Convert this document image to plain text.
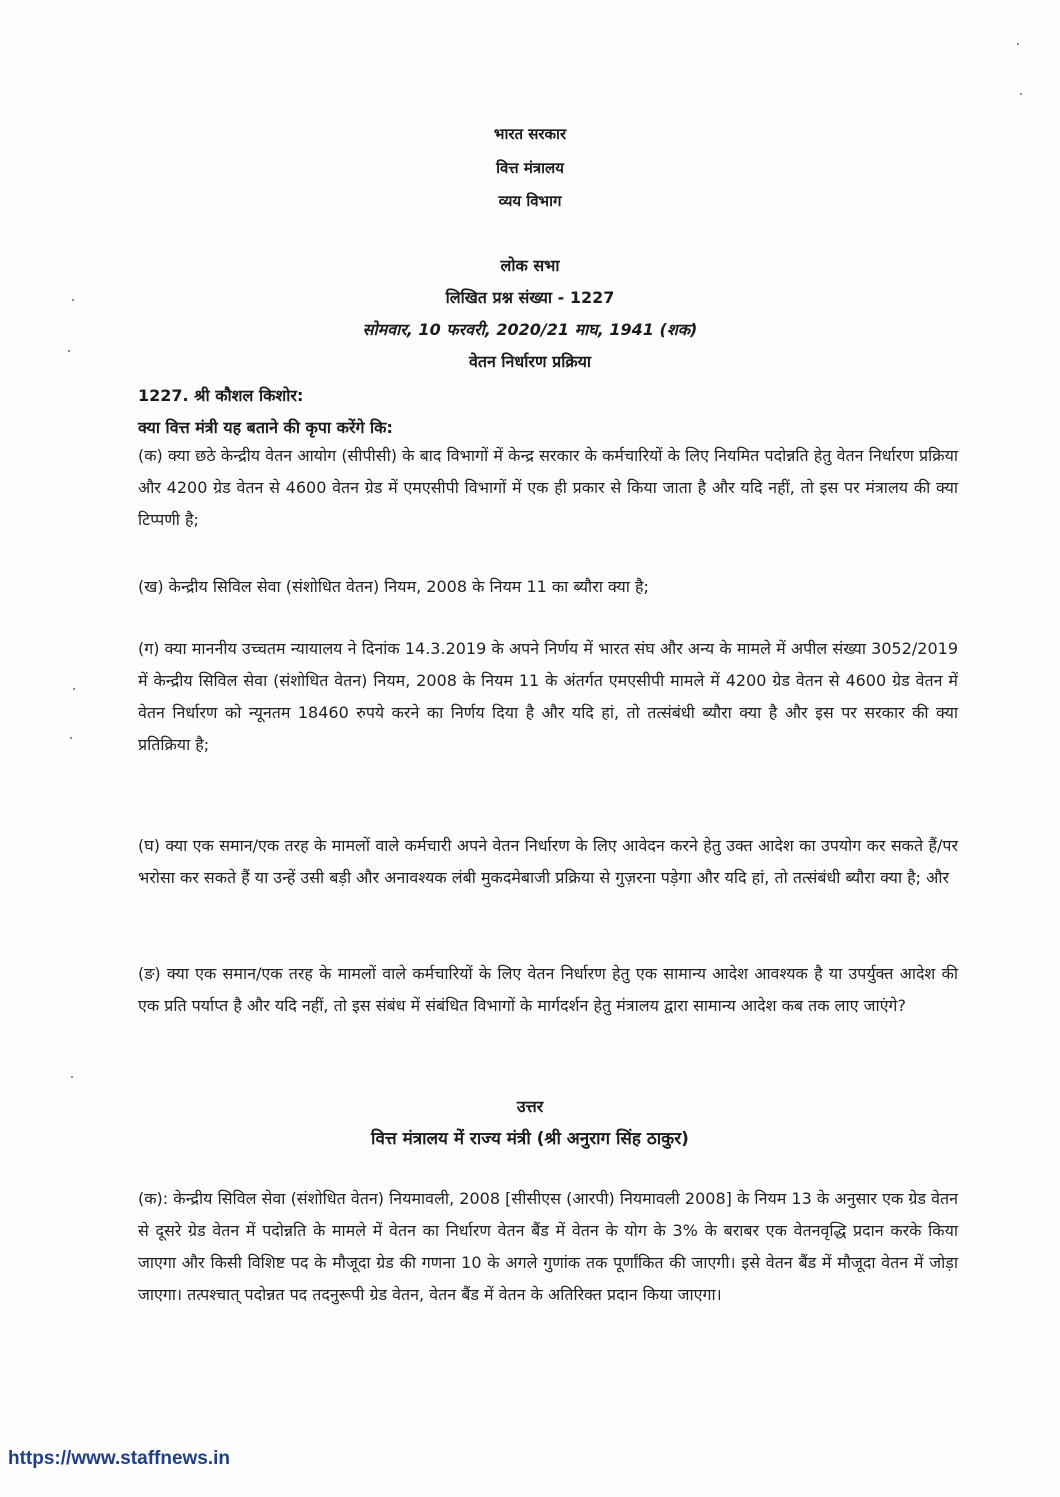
भारत सरकार
वित्त मंत्रालय
व्यय विभाग
लोक सभा
लिखित प्रश्न संख्या - 1227
सोमवार, 10 फरवरी, 2020/21 माघ, 1941 (शक)
वेतन निर्धारण प्रक्रिया
1227. श्री कौशल किशोर:
क्या वित्त मंत्री यह बताने की कृपा करेंगे कि:
(क) क्या छठे केन्द्रीय वेतन आयोग (सीपीसी) के बाद विभागों में केन्द्र सरकार के कर्मचारियों के लिए नियमित पदोन्नति हेतु वेतन निर्धारण प्रक्रिया और 4200 ग्रेड वेतन से 4600 वेतन ग्रेड में एमएसीपी विभागों में एक ही प्रकार से किया जाता है और यदि नहीं, तो इस पर मंत्रालय की क्या टिप्पणी है;
(ख) केन्द्रीय सिविल सेवा (संशोधित वेतन) नियम, 2008 के नियम 11 का ब्यौरा क्या है;
(ग) क्या माननीय उच्चतम न्यायालय ने दिनांक 14.3.2019 के अपने निर्णय में भारत संघ और अन्य के मामले में अपील संख्या 3052/2019 में केन्द्रीय सिविल सेवा (संशोधित वेतन) नियम, 2008 के नियम 11 के अंतर्गत एमएसीपी मामले में 4200 ग्रेड वेतन से 4600 ग्रेड वेतन में वेतन निर्धारण को न्यूनतम 18460 रुपये करने का निर्णय दिया है और यदि हां, तो तत्संबंधी ब्यौरा क्या है और इस पर सरकार की क्या प्रतिक्रिया है;
(घ) क्या एक समान/एक तरह के मामलों वाले कर्मचारी अपने वेतन निर्धारण के लिए आवेदन करने हेतु उक्त आदेश का उपयोग कर सकते हैं/पर भरोसा कर सकते हैं या उन्हें उसी बड़ी और अनावश्यक लंबी मुकदमेबाजी प्रक्रिया से गुज़रना पड़ेगा और यदि हां, तो तत्संबंधी ब्यौरा क्या है; और
(ङ) क्या एक समान/एक तरह के मामलों वाले कर्मचारियों के लिए वेतन निर्धारण हेतु एक सामान्य आदेश आवश्यक है या उपर्युक्त आदेश की एक प्रति पर्याप्त है और यदि नहीं, तो इस संबंध में संबंधित विभागों के मार्गदर्शन हेतु मंत्रालय द्वारा सामान्य आदेश कब तक लाए जाएंगे?
उत्तर
वित्त मंत्रालय में राज्य मंत्री (श्री अनुराग सिंह ठाकुर)
(क): केन्द्रीय सिविल सेवा (संशोधित वेतन) नियमावली, 2008 [सीसीएस (आरपी) नियमावली 2008] के नियम 13 के अनुसार एक ग्रेड वेतन से दूसरे ग्रेड वेतन में पदोन्नति के मामले में वेतन का निर्धारण वेतन बैंड में वेतन के योग के 3% के बराबर एक वेतनवृद्धि प्रदान करके किया जाएगा और किसी विशिष्ट पद के मौजूदा ग्रेड की गणना 10 के अगले गुणांक तक पूर्णांकित की जाएगी। इसे वेतन बैंड में मौजूदा वेतन में जोड़ा जाएगा। तत्पश्चात् पदोन्नत पद तदनुरूपी ग्रेड वेतन, वेतन बैंड में वेतन के अतिरिक्त प्रदान किया जाएगा।
https://www.staffnews.in
